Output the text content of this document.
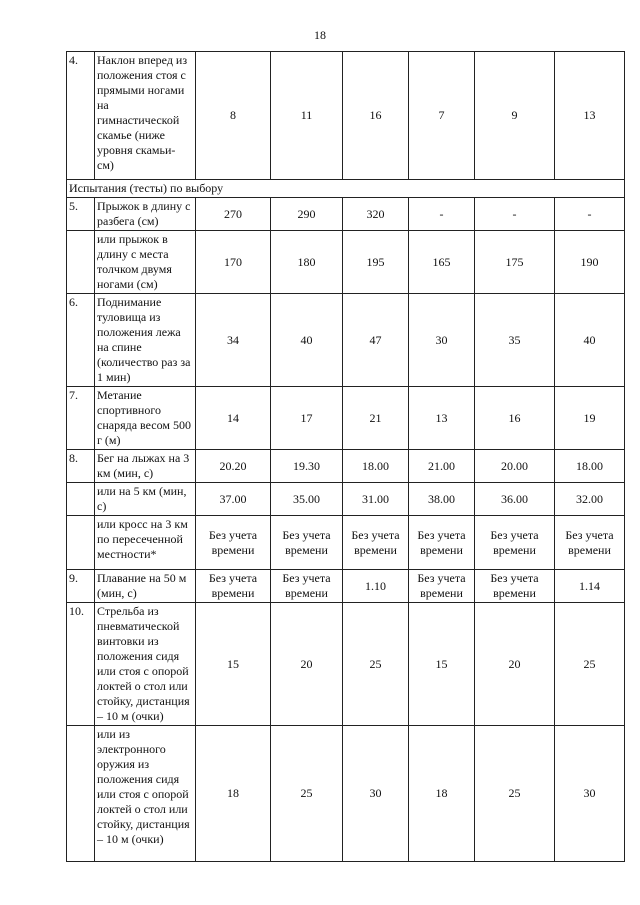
18
4.	Наклон вперед из положения стоя с прямыми ногами на гимнастической скамье (ниже уровня скамьи- см)	8	11	16	7	9	13
Испытания (тесты) по выбору							
5.	Прыжок в длину с разбега (см)	270	290	320	-	-	-
	или прыжок в длину с места толчком двумя ногами (см)	170	180	195	165	175	190
6.	Поднимание туловища из положения лежа на спине (количество раз за 1 мин)	34	40	47	30	35	40
7.	Метание спортивного снаряда весом 500 г (м)	14	17	21	13	16	19
8.	Бег на лыжах на 3 км (мин, с)	20.20	19.30	18.00	21.00	20.00	18.00
	или на 5 км (мин, с)	37.00	35.00	31.00	38.00	36.00	32.00
	или кросс на 3 км по пересеченной местности*	Без учета времени	Без учета времени	Без учета времени	Без учета времени	Без учета времени	Без учета времени
9.	Плавание на 50 м (мин, с)	Без учета времени	Без учета времени	1.10	Без учета времени	Без учета времени	1.14
10.	Стрельба из пневматической винтовки из положения сидя или стоя с опорой локтей о стол или стойку, дистанция – 10 м (очки)	15	20	25	15	20	25
	или из электронного оружия из положения сидя или стоя с опорой локтей о стол или стойку, дистанция – 10 м (очки)	18	25	30	18	25	30
